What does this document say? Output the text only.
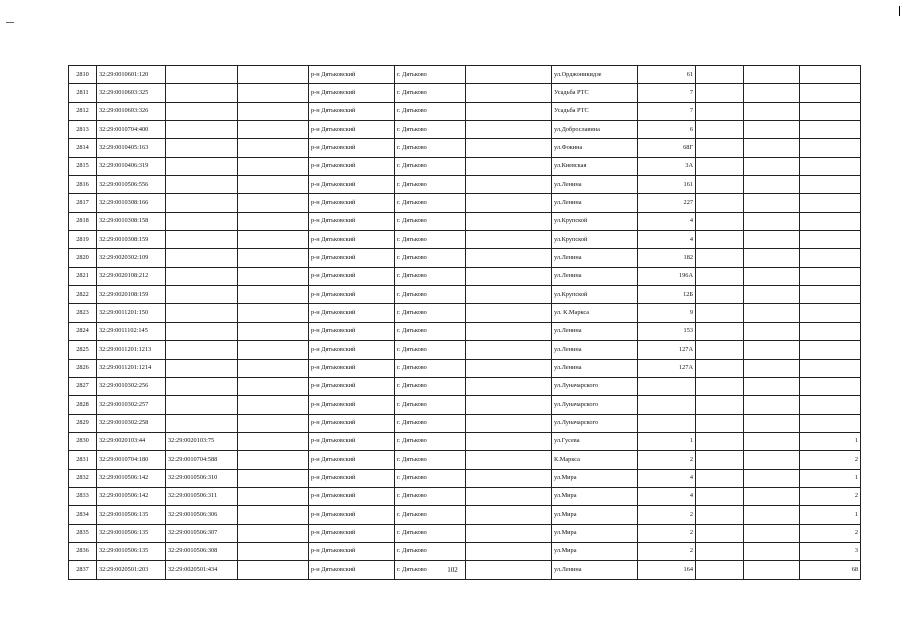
2810	32:29:0010601:120			р-н Дятьковский	г. Дятьково		ул.Орджоникидзе	61			
2811	32:29:0010603:325			р-н Дятьковский	г. Дятьково		Усадьба РТС	7			
2812	32:29:0010603:326			р-н Дятьковский	г. Дятьково		Усадьба РТС	7			
2813	32:29:0010704:400			р-н Дятьковский	г. Дятьково		ул.Доброславина	6			
2814	32:29:0010405:163			р-н Дятьковский	г. Дятьково		ул.Фокина	68Г			
2815	32:29:0010406:319			р-н Дятьковский	г. Дятьково		ул.Киевская	3А			
2816	32:29:0010506:556			р-н Дятьковский	г. Дятьково		ул.Ленина	161			
2817	32:29:0010308:166			р-н Дятьковский	г. Дятьково		ул.Ленина	227			
2818	32:29:0010308:158			р-н Дятьковский	г. Дятьково		ул.Крупской	4			
2819	32:29:0010308:159			р-н Дятьковский	г. Дятьково		ул.Крупской	4			
2820	32:29:0020302:109			р-н Дятьковский	г. Дятьково		ул.Ленина	182			
2821	32:29:0020108:212			р-н Дятьковский	г. Дятьково		ул.Ленина	196А			
2822	32:29:0020108:159			р-н Дятьковский	г. Дятьково		ул.Крупской	12Б			
2823	32:29:0011201:150			р-н Дятьковский	г. Дятьково		ул. К.Маркса	9			
2824	32:29:0011102:145			р-н Дятьковский	г. Дятьково		ул.Ленина	153			
2825	32:29:0011201:1213			р-н Дятьковский	г. Дятьково		ул.Ленина	127А			
2826	32:29:0011201:1214			р-н Дятьковский	г. Дятьково		ул.Ленина	127А			
2827	32:29:0010302:256			р-н Дятьковский	г. Дятьково		ул.Луначарского				
2828	32:29:0010302:257			р-н Дятьковский	г. Дятьково		ул.Луначарского				
2829	32:29:0010302:258			р-н Дятьковский	г. Дятьково		ул.Луначарского				
2830	32:29:0020103:44	32:29:0020103:75		р-н Дятьковский	г. Дятьково		ул.Гусева	1			1
2831	32:29:0010704:180	32:29:0010704:588		р-н Дятьковский	г. Дятьково		К.Маркса	2			2
2832	32:29:0010506:142	32:29:0010506:310		р-н Дятьковский	г. Дятьково		ул.Мира	4			1
2833	32:29:0010506:142	32:29:0010506:311		р-н Дятьковский	г. Дятьково		ул.Мира	4			2
2834	32:29:0010506:135	32:29:0010506:306		р-н Дятьковский	г. Дятьково		ул.Мира	2			1
2835	32:29:0010506:135	32:29:0010506:307		р-н Дятьковский	г. Дятьково		ул.Мира	2			2
2836	32:29:0010506:135	32:29:0010506:308		р-н Дятьковский	г. Дятьково		ул.Мира	2			3
2837	32:29:0020501:203	32:29:0020501:434		р-н Дятьковский	г. Дятьково		ул.Ленина	164			68
102
